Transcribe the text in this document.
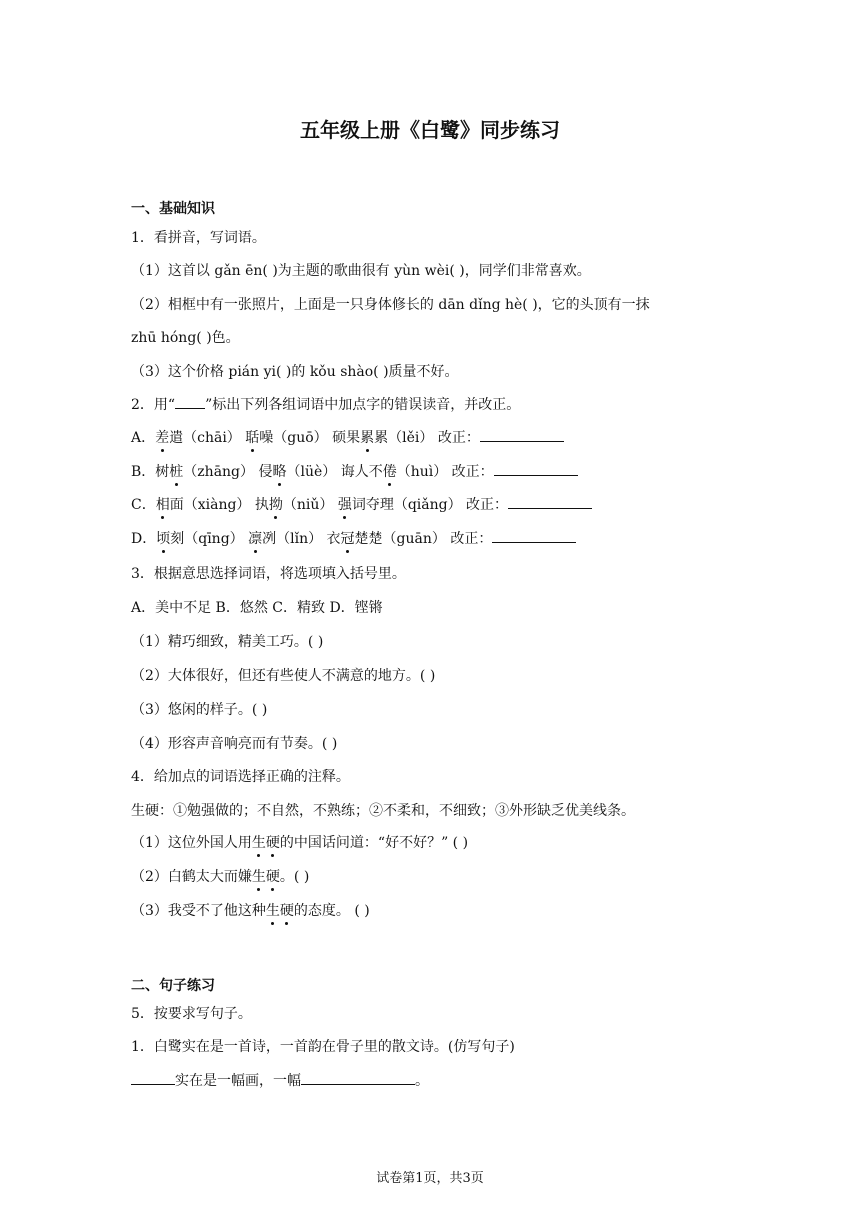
五年级上册《白鹭》同步练习
一、基础知识
1．看拼音，写词语。
（1）这首以 gǎn ēn( )为主题的歌曲很有 yùn wèi( )，同学们非常喜欢。
（2）相框中有一张照片，上面是一只身体修长的 dān dǐng hè( )，它的头顶有一抹
zhū hóng( )色。
（3）这个价格 pián yi( )的 kǒu shào( )质量不好。
2．用“ ”标出下列各组词语中加点字的错误读音，并改正。
A．差遣（chāi） 聒噪（guō） 硕果累累（lěi） 改正：
B．树桩（zhāng） 侵略（lüè） 诲人不倦（huì） 改正：
C．相面（xiàng） 执拗（niǔ） 强词夺理（qiǎng） 改正：
D．顷刻（qīng） 凛冽（lǐn） 衣冠楚楚（guān） 改正：
3．根据意思选择词语，将选项填入括号里。
A．美中不足 B．悠然 C．精致 D．铿锵
（1）精巧细致，精美工巧。( )
（2）大体很好，但还有些使人不满意的地方。( )
（3）悠闲的样子。( )
（4）形容声音响亮而有节奏。( )
4．给加点的词语选择正确的注释。
生硬：①勉强做的；不自然，不熟练；②不柔和，不细致；③外形缺乏优美线条。
（1）这位外国人用生硬的中国话问道：“好不好？” ( )
（2）白鹤太大而嫌生硬。( )
（3）我受不了他这种生硬的态度。 ( )
二、句子练习
5．按要求写句子。
1．白鹭实在是一首诗，一首韵在骨子里的散文诗。(仿写句子)
实在是一幅画，一幅	。
试卷第1页，共3页
